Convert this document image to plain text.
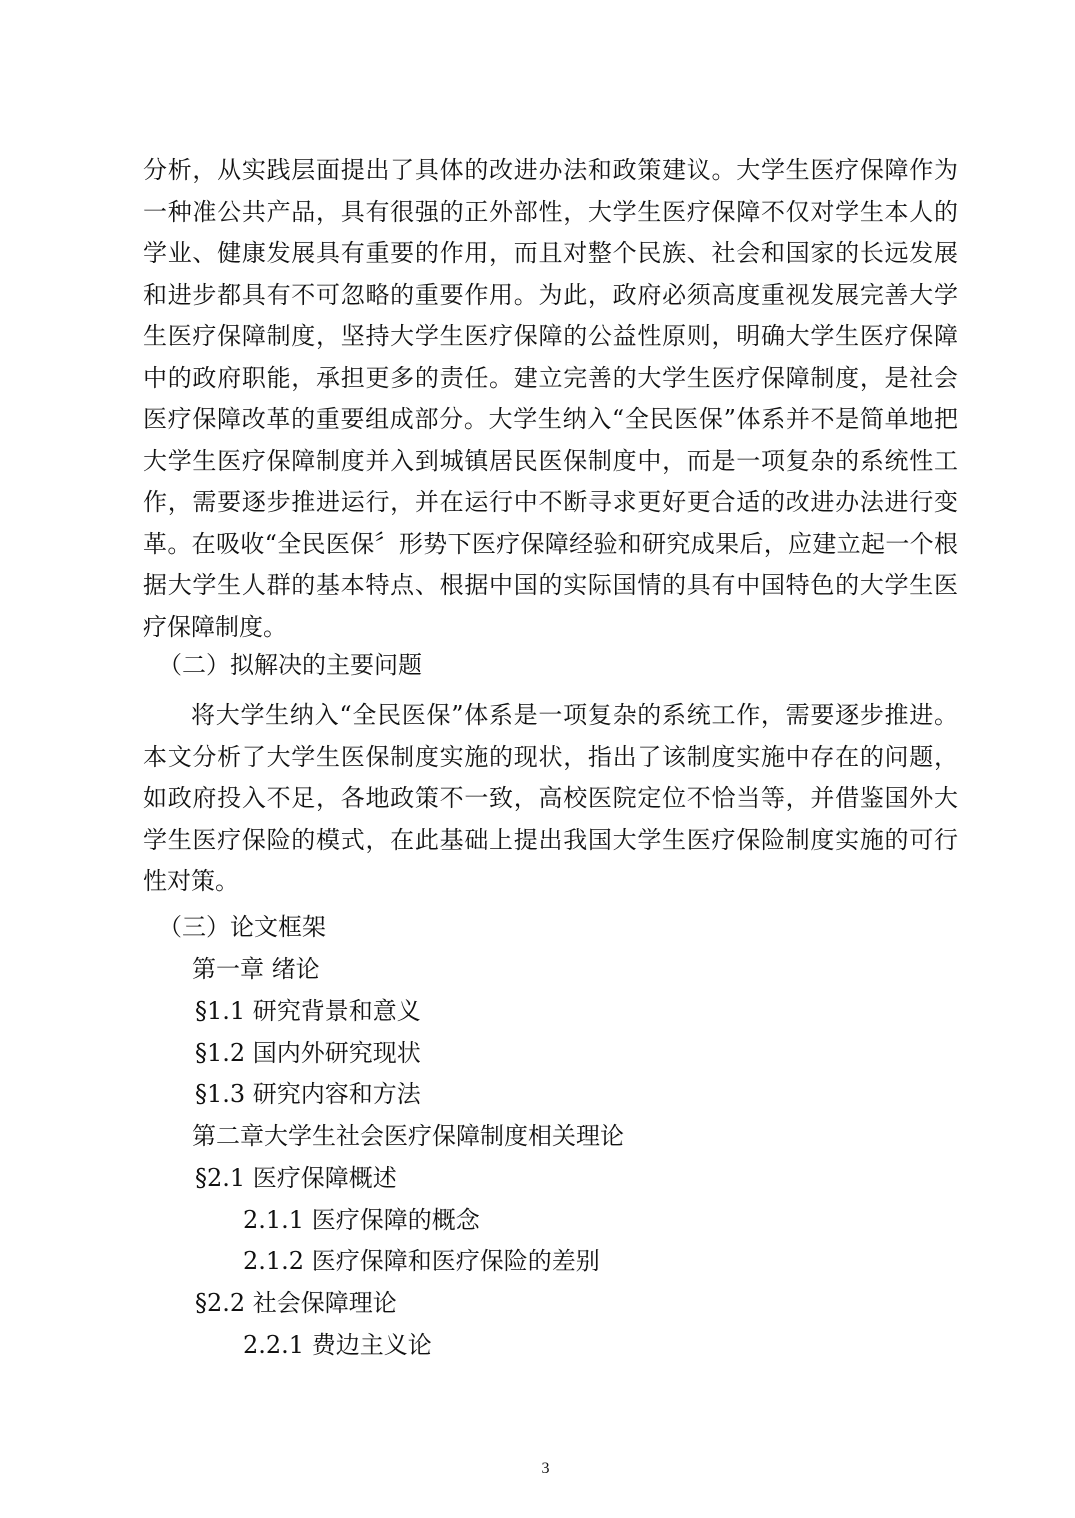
分析，从实践层面提出了具体的改进办法和政策建议。大学生医疗保障作为一种准公共产品，具有很强的正外部性，大学生医疗保障不仅对学生本人的学业、健康发展具有重要的作用，而且对整个民族、社会和国家的长远发展和进步都具有不可忽略的重要作用。为此，政府必须高度重视发展完善大学生医疗保障制度，坚持大学生医疗保障的公益性原则，明确大学生医疗保障中的政府职能，承担更多的责任。建立完善的大学生医疗保障制度，是社会医疗保障改革的重要组成部分。大学生纳入“全民医保”体系并不是简单地把大学生医疗保障制度并入到城镇居民医保制度中，而是一项复杂的系统性工作，需要逐步推进运行，并在运行中不断寻求更好更合适的改进办法进行变革。在吸收“全民医保〞形势下医疗保障经验和研究成果后，应建立起一个根据大学生人群的基本特点、根据中国的实际国情的具有中国特色的大学生医疗保障制度。
（二）拟解决的主要问题
将大学生纳入“全民医保”体系是一项复杂的系统工作，需要逐步推进。本文分析了大学生医保制度实施的现状，指出了该制度实施中存在的问题，如政府投入不足，各地政策不一致，高校医院定位不恰当等，并借鉴国外大学生医疗保险的模式，在此基础上提出我国大学生医疗保险制度实施的可行性对策。
（三）论文框架
第一章 绪论
§1.1 研究背景和意义
§1.2 国内外研究现状
§1.3 研究内容和方法
第二章大学生社会医疗保障制度相关理论
§2.1 医疗保障概述
2.1.1 医疗保障的概念
2.1.2 医疗保障和医疗保险的差别
§2.2 社会保障理论
2.2.1 费边主义论
3
